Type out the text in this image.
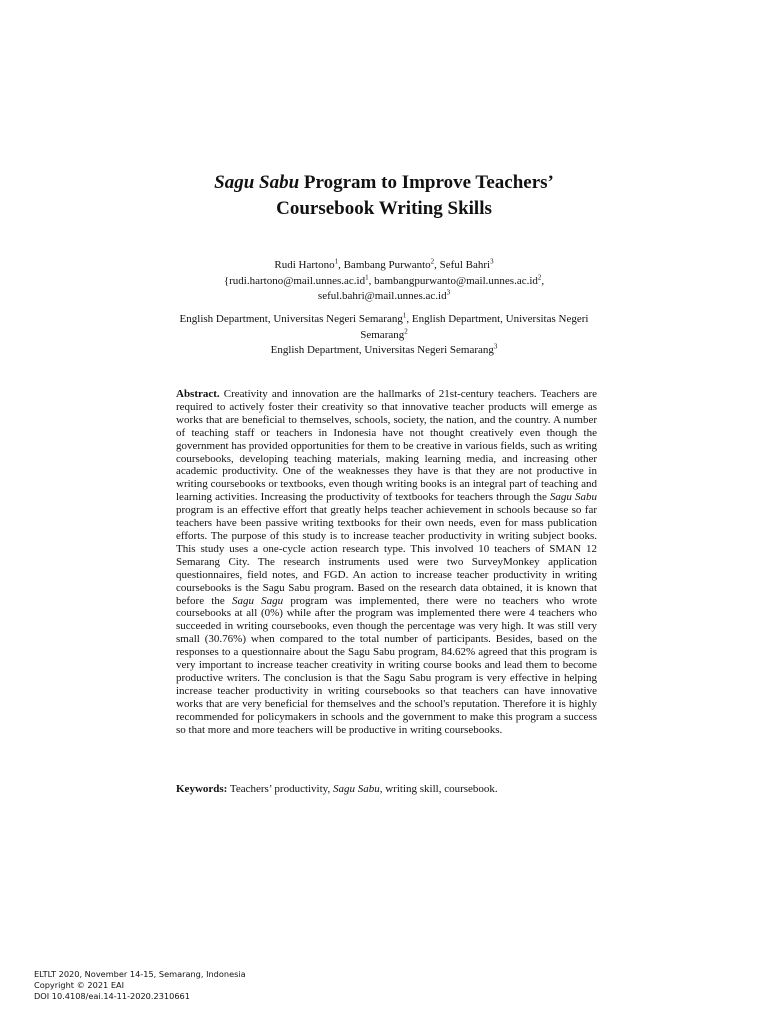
Sagu Sabu Program to Improve Teachers’
Coursebook Writing Skills
Rudi Hartono$^1$, Bambang Purwanto$^2$, Seful Bahri$^3$
{$rudi.hartono@mail.unnes.ac.id^1$, $bambangpurwanto@mail.unnes.ac.id^2$,
$seful.bahri@mail.unnes.ac.id^3$
English Department, Universitas Negeri Semarang$^1$, English Department, Universitas Negeri
Semarang$^2$
English Department, Universitas Negeri Semarang$^3$
Abstract. Creativity and innovation are the hallmarks of 21st-century teachers. Teachers are required to actively foster their creativity so that innovative teacher products will emerge as works that are beneficial to themselves, schools, society, the nation, and the country. A number of teaching staff or teachers in Indonesia have not thought creatively even though the government has provided opportunities for them to be creative in various fields, such as writing coursebooks, developing teaching materials, making learning media, and increasing other academic productivity. One of the weaknesses they have is that they are not productive in writing coursebooks or textbooks, even though writing books is an integral part of teaching and learning activities. Increasing the productivity of textbooks for teachers through the Sagu Sabu program is an effective effort that greatly helps teacher achievement in schools because so far teachers have been passive writing textbooks for their own needs, even for mass publication efforts. The purpose of this study is to increase teacher productivity in writing subject books. This study uses a one-cycle action research type. This involved 10 teachers of SMAN 12 Semarang City. The research instruments used were two SurveyMonkey application questionnaires, field notes, and FGD. An action to increase teacher productivity in writing coursebooks is the Sagu Sabu program. Based on the research data obtained, it is known that before the Sagu Sagu program was implemented, there were no teachers who wrote coursebooks at all (0%) while after the program was implemented there were 4 teachers who succeeded in writing coursebooks, even though the percentage was very high. It was still very small (30.76%) when compared to the total number of participants. Besides, based on the responses to a questionnaire about the Sagu Sabu program, 84.62% agreed that this program is very important to increase teacher creativity in writing course books and lead them to become productive writers. The conclusion is that the Sagu Sabu program is very effective in helping increase teacher productivity in writing coursebooks so that teachers can have innovative works that are very beneficial for themselves and the school's reputation. Therefore it is highly recommended for policymakers in schools and the government to make this program a success so that more and more teachers will be productive in writing coursebooks.
Keywords: Teachers’ productivity, Sagu Sabu, writing skill, coursebook.
ELTLT 2020, November 14-15, Semarang, Indonesia
Copyright © 2021 EAI
DOI 10.4108/eai.14-11-2020.2310661
